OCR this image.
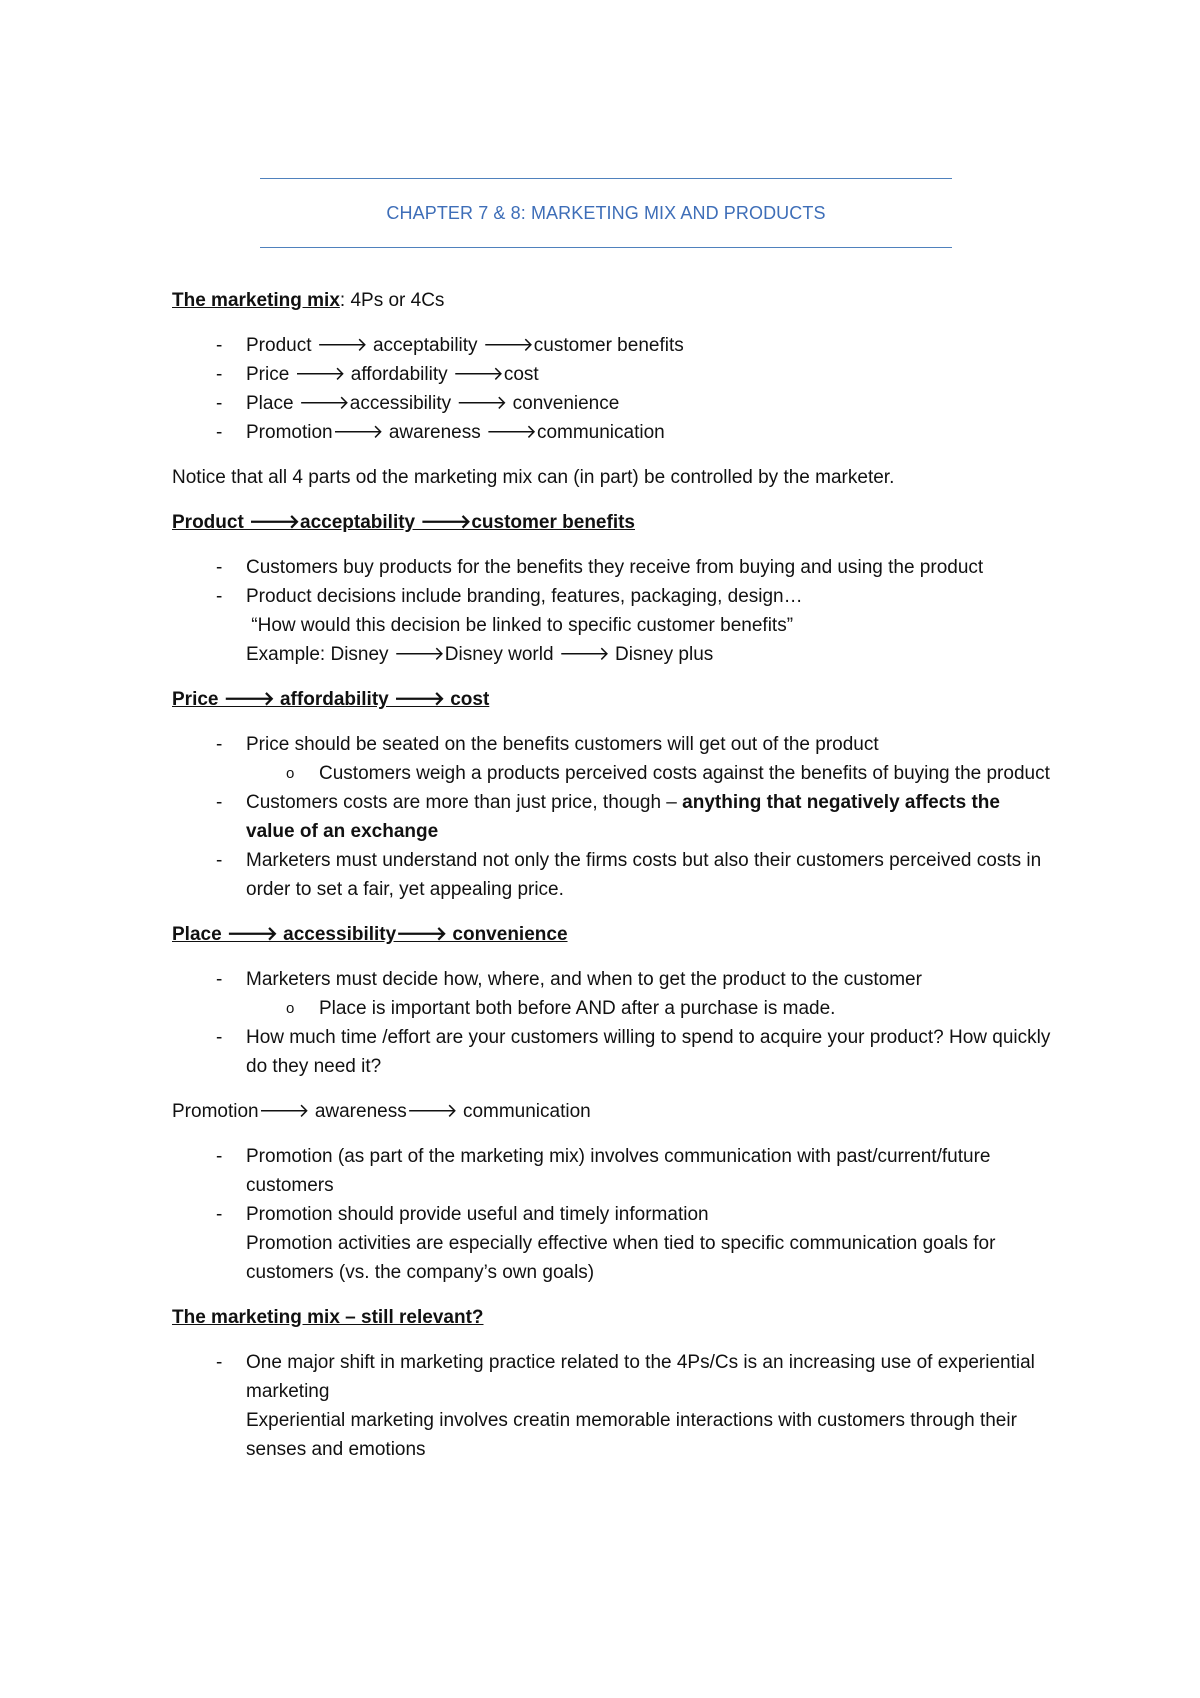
CHAPTER 7 & 8: MARKETING MIX AND PRODUCTS

The marketing mix: 4Ps or 4Cs

- Product 🡒 acceptability 🡒customer benefits
- Price 🡒 affordability 🡒cost
- Place 🡒accessibility 🡒 convenience
- Promotion🡒 awareness 🡒communication

Notice that all 4 parts od the marketing mix can (in part) be controlled by the marketer.

Product 🡒acceptability 🡒customer benefits

- Customers buy products for the benefits they receive from buying and using the product
- Product decisions include branding, features, packaging, design…
“How would this decision be linked to specific customer benefits”
Example: Disney 🡒Disney world 🡒 Disney plus

Price 🡒 affordability 🡒 cost

- Price should be seated on the benefits customers will get out of the product
o Customers weigh a products perceived costs against the benefits of buying the product
- Customers costs are more than just price, though – anything that negatively affects the value of an exchange
- Marketers must understand not only the firms costs but also their customers perceived costs in order to set a fair, yet appealing price.

Place 🡒 accessibility🡒 convenience

- Marketers must decide how, where, and when to get the product to the customer
o Place is important both before AND after a purchase is made.
- How much time /effort are your customers willing to spend to acquire your product? How quickly do they need it?

Promotion🡒 awareness🡒 communication

- Promotion (as part of the marketing mix) involves communication with past/current/future customers
- Promotion should provide useful and timely information
Promotion activities are especially effective when tied to specific communication goals for customers (vs. the company’s own goals)

The marketing mix – still relevant?

- One major shift in marketing practice related to the 4Ps/Cs is an increasing use of experiential marketing
Experiential marketing involves creatin memorable interactions with customers through their senses and emotions
